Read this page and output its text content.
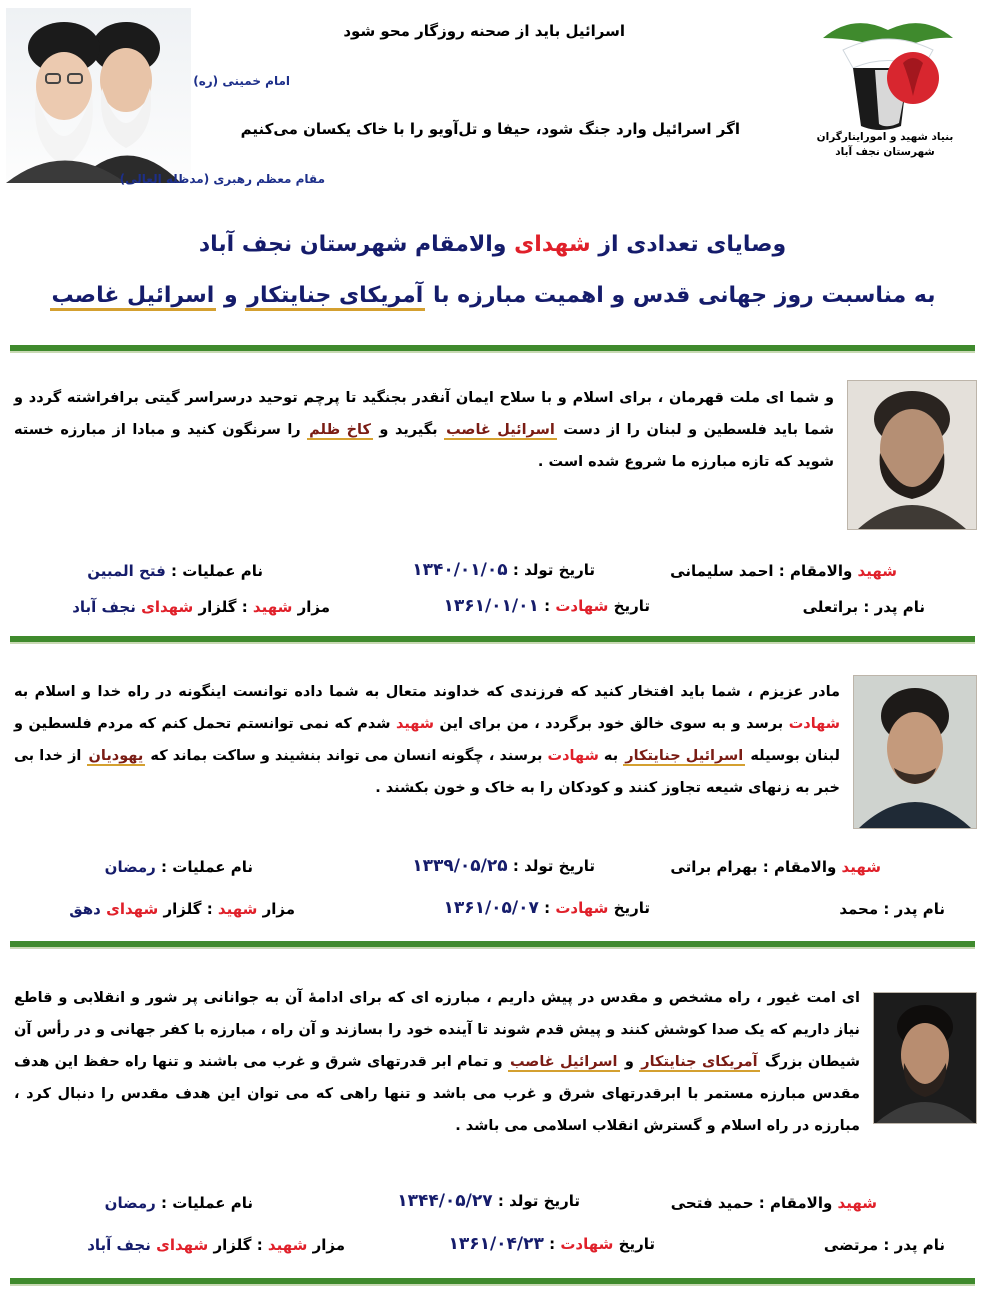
بنیاد شهید و اموراینارگران
شهرستان نجف آباد
اسرائیل باید از صحنه روزگار محو شود
امام خمینی (ره)
اگر اسرائیل وارد جنگ شود، حیفا و تل‌آویو را با خاک یکسان می‌کنیم
مقام معظم رهبری (مدظله العالی)
وصایای تعدادی از شهدای والامقام شهرستان نجف آباد
به مناسبت روز جهانی قدس و اهمیت مبارزه با آمریکای جنایتکار و اسرائیل غاصب

و شما ای ملت قهرمان ، برای اسلام و با سلاح ایمان آنقدر بجنگید تا پرچم توحید درسراسر گیتی برافراشته گردد و شما باید فلسطین و لبنان را از دست اسرائیل غاصب بگیرید و کاخ ظلم را سرنگون کنید و مبادا از مبارزه خسته شوید که تازه مبارزه ما شروع شده است .

شهید والامقام : احمد سلیمانی
تاریخ تولد : ۱۳۴۰/۰۱/۰۵
نام عملیات : فتح المبین
نام پدر : براتعلی
تاریخ شهادت : ۱۳۶۱/۰۱/۰۱
مزار شهید : گلزار شهدای نجف آباد

مادر عزیزم ، شما باید افتخار کنید که فرزندی که خداوند متعال به شما داده توانست اینگونه در راه خدا و اسلام به شهادت برسد و به سوی خالق خود برگردد ، من برای این شهید شدم که نمی توانستم تحمل کنم که مردم فلسطین و لبنان بوسیله اسرائیل جنایتکار به شهادت برسند ، چگونه انسان می تواند بنشیند و ساکت بماند که یهودیان از خدا بی خبر به زنهای شیعه تجاوز کنند و کودکان را به خاک و خون بکشند .

شهید والامقام : بهرام براتی
تاریخ تولد : ۱۳۳۹/۰۵/۲۵
نام عملیات : رمضان
نام پدر : محمد
تاریخ شهادت : ۱۳۶۱/۰۵/۰۷
مزار شهید : گلزار شهدای دهق

ای امت غیور ، راه مشخص و مقدس در پیش داریم ، مبارزه ای که برای ادامهٔ آن به جوانانی پر شور و انقلابی و قاطع نیاز داریم که یک صدا کوشش کنند و پیش قدم شوند تا آینده خود را بسازند و آن راه ، مبارزه با کفر جهانی و در رأس آن شیطان بزرگ آمریکای جنایتکار و اسرائیل غاصب و تمام ابر قدرتهای شرق و غرب می باشند و تنها راه حفظ این هدف مقدس مبارزه مستمر با ابرقدرتهای شرق و غرب می باشد و تنها راهی که می توان این هدف مقدس را دنبال کرد ، مبارزه در راه اسلام و گسترش انقلاب اسلامی می باشد .

شهید والامقام : حمید فتحی
تاریخ تولد : ۱۳۴۴/۰۵/۲۷
نام عملیات : رمضان
نام پدر : مرتضی
تاریخ شهادت : ۱۳۶۱/۰۴/۲۳
مزار شهید : گلزار شهدای نجف آباد
